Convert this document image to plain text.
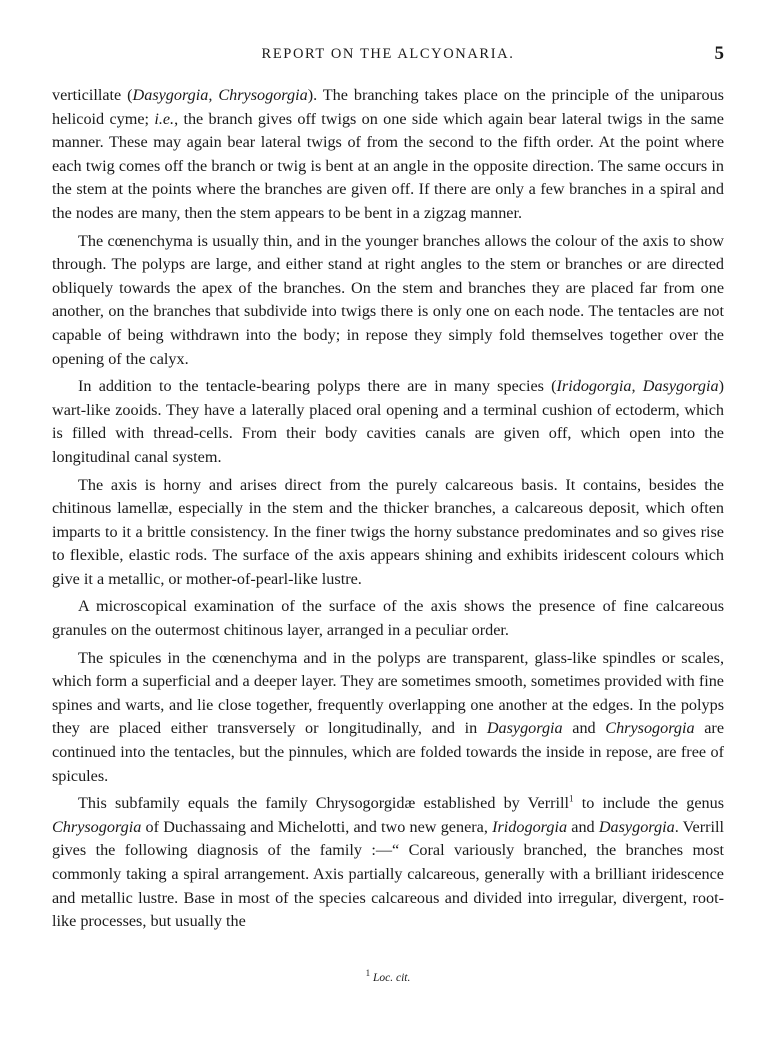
REPORT ON THE ALCYONARIA.	5

verticillate (Dasygorgia, Chrysogorgia). The branching takes place on the principle of the uniparous helicoid cyme; i.e., the branch gives off twigs on one side which again bear lateral twigs in the same manner. These may again bear lateral twigs of from the second to the fifth order. At the point where each twig comes off the branch or twig is bent at an angle in the opposite direction. The same occurs in the stem at the points where the branches are given off. If there are only a few branches in a spiral and the nodes are many, then the stem appears to be bent in a zigzag manner.

The cœnenchyma is usually thin, and in the younger branches allows the colour of the axis to show through. The polyps are large, and either stand at right angles to the stem or branches or are directed obliquely towards the apex of the branches. On the stem and branches they are placed far from one another, on the branches that subdivide into twigs there is only one on each node. The tentacles are not capable of being withdrawn into the body; in repose they simply fold themselves together over the opening of the calyx.

In addition to the tentacle-bearing polyps there are in many species (Iridogorgia, Dasygorgia) wart-like zooids. They have a laterally placed oral opening and a terminal cushion of ectoderm, which is filled with thread-cells. From their body cavities canals are given off, which open into the longitudinal canal system.

The axis is horny and arises direct from the purely calcareous basis. It contains, besides the chitinous lamellæ, especially in the stem and the thicker branches, a calcareous deposit, which often imparts to it a brittle consistency. In the finer twigs the horny substance predominates and so gives rise to flexible, elastic rods. The surface of the axis appears shining and exhibits iridescent colours which give it a metallic, or mother-of-pearl-like lustre.

A microscopical examination of the surface of the axis shows the presence of fine calcareous granules on the outermost chitinous layer, arranged in a peculiar order.

The spicules in the cœnenchyma and in the polyps are transparent, glass-like spindles or scales, which form a superficial and a deeper layer. They are sometimes smooth, sometimes provided with fine spines and warts, and lie close together, frequently overlapping one another at the edges. In the polyps they are placed either transversely or longitudinally, and in Dasygorgia and Chrysogorgia are continued into the tentacles, but the pinnules, which are folded towards the inside in repose, are free of spicules.

This subfamily equals the family Chrysogorgidæ established by Verrill$^1$ to include the genus Chrysogorgia of Duchassaing and Michelotti, and two new genera, Iridogorgia and Dasygorgia. Verrill gives the following diagnosis of the family :—“ Coral variously branched, the branches most commonly taking a spiral arrangement. Axis partially calcareous, generally with a brilliant iridescence and metallic lustre. Base in most of the species calcareous and divided into irregular, divergent, root-like processes, but usually the

$^1$ Loc. cit.
